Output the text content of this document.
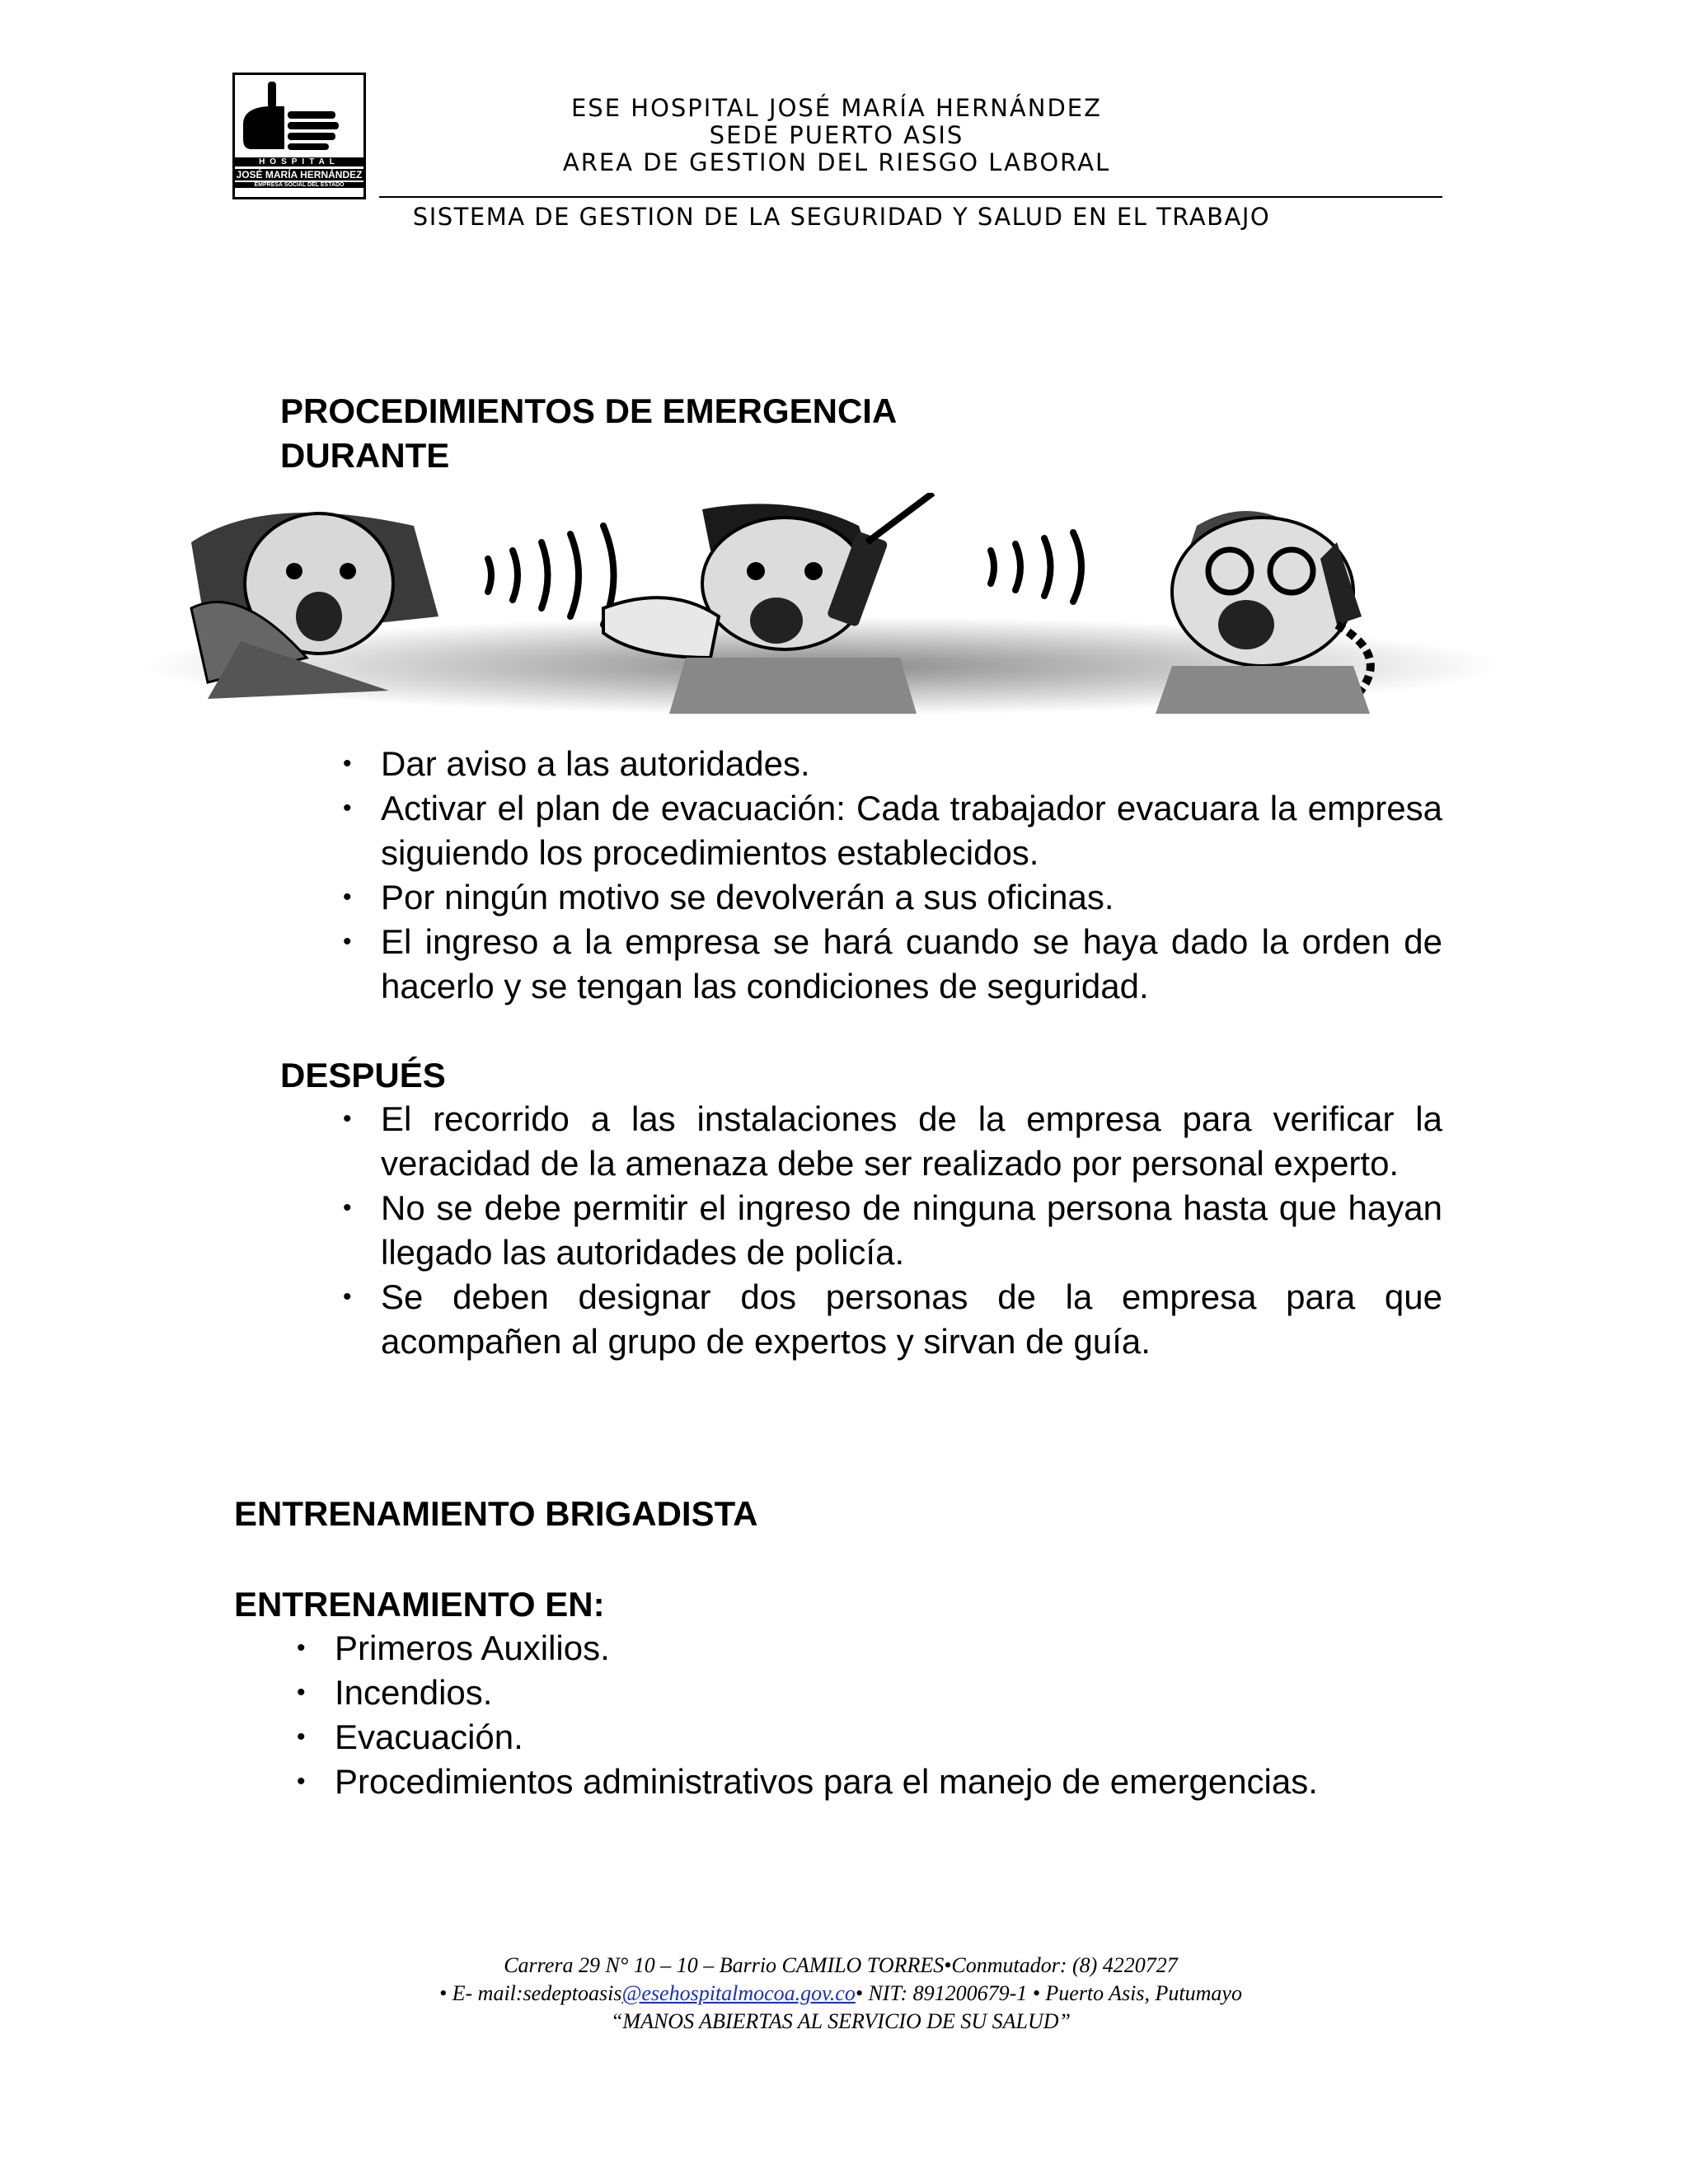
HOSPITAL
JOSÉ MARÍA HERNÁNDEZ
EMPRESA SOCIAL DEL ESTADO
ESE HOSPITAL JOSÉ MARÍA HERNÁNDEZ
SEDE PUERTO ASIS
AREA DE GESTION DEL RIESGO LABORAL
SISTEMA DE GESTION DE LA SEGURIDAD Y SALUD EN EL TRABAJO
PROCEDIMIENTOS DE EMERGENCIA
DURANTE
• Dar aviso a las autoridades.
• Activar el plan de evacuación: Cada trabajador evacuara la empresa siguiendo los procedimientos establecidos.
• Por ningún motivo se devolverán a sus oficinas.
• El ingreso a la empresa se hará cuando se haya dado la orden de hacerlo y se tengan las condiciones de seguridad.
DESPUÉS
• El recorrido a las instalaciones de la empresa para verificar la veracidad de la amenaza debe ser realizado por personal experto.
• No se debe permitir el ingreso de ninguna persona hasta que hayan llegado las autoridades de policía.
• Se deben designar dos personas de la empresa para que acompañen al grupo de expertos y sirvan de guía.
ENTRENAMIENTO BRIGADISTA
ENTRENAMIENTO EN:
• Primeros Auxilios.
• Incendios.
• Evacuación.
• Procedimientos administrativos para el manejo de emergencias.
Carrera 29 N° 10 – 10 – Barrio CAMILO TORRES•Conmutador: (8) 4220727
• E- mail:sedeptoasis@esehospitalmocoa.gov.co• NIT: 891200679-1 • Puerto Asis, Putumayo
“MANOS ABIERTAS AL SERVICIO DE SU SALUD”
